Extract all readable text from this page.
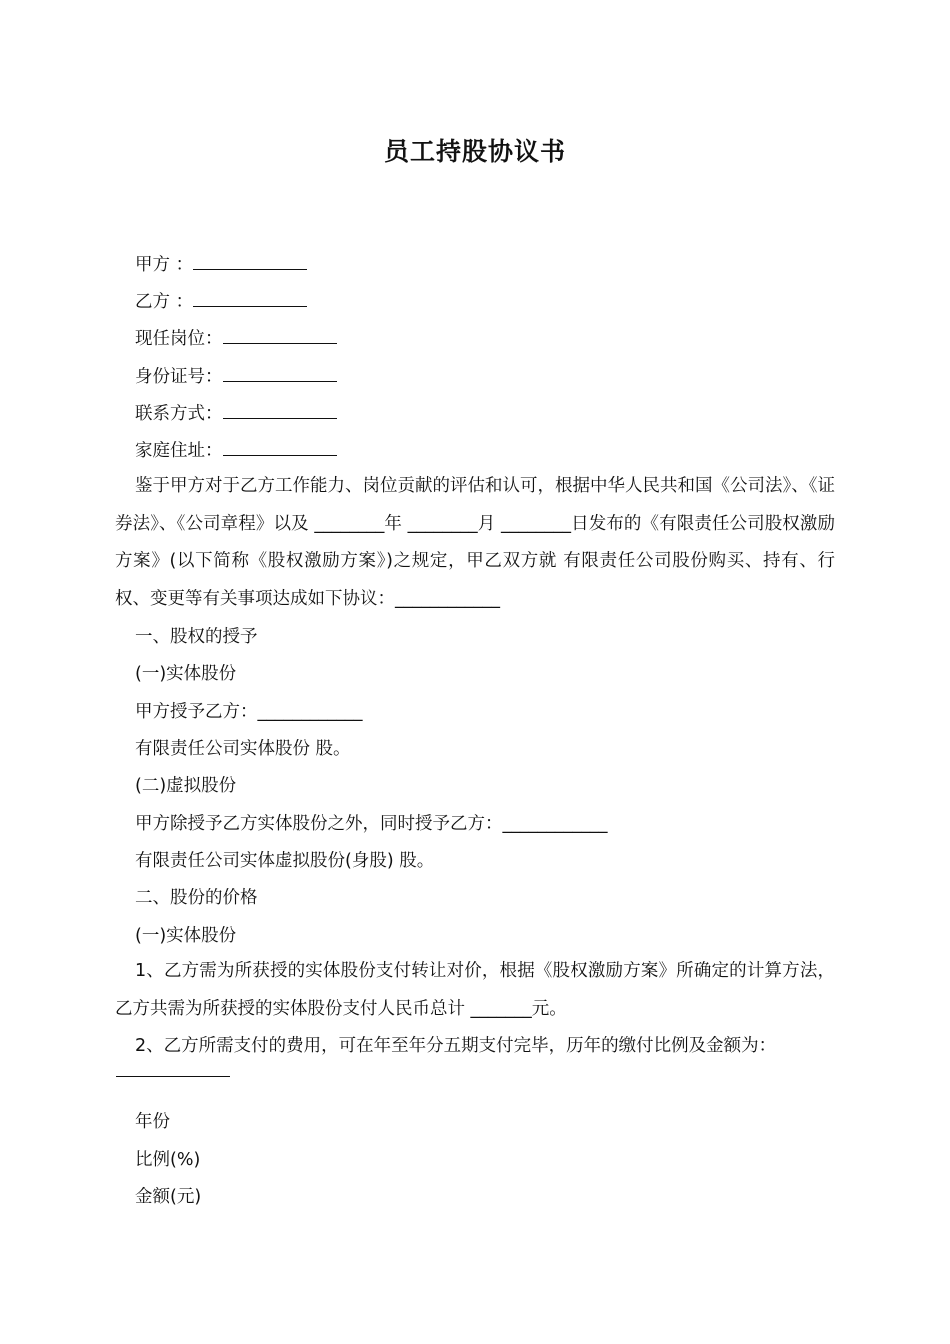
员工持股协议书
甲方 ：
乙方 ：
现任岗位：
身份证号：
联系方式：
家庭住址：
鉴于甲方对于乙方工作能力、岗位贡献的评估和认可，根据中华人民共和国《公司法》、《证券法》、《公司章程》以及 ________年 ________月 ________日发布的《有限责任公司股权激励方案》(以下简称《股权激励方案》)之规定，甲乙双方就 有限责任公司股份购买、持有、行权、变更等有关事项达成如下协议：____________
一、股权的授予
(一)实体股份
甲方授予乙方：____________
有限责任公司实体股份 股。
(二)虚拟股份
甲方除授予乙方实体股份之外，同时授予乙方：____________
有限责任公司实体虚拟股份(身股) 股。
二、股份的价格
(一)实体股份
1、乙方需为所获授的实体股份支付转让对价，根据《股权激励方案》所确定的计算方法，乙方共需为所获授的实体股份支付人民币总计 _______元。
2、乙方所需支付的费用，可在年至年分五期支付完毕，历年的缴付比例及金额为：
年份
比例(%)
金额(元)
